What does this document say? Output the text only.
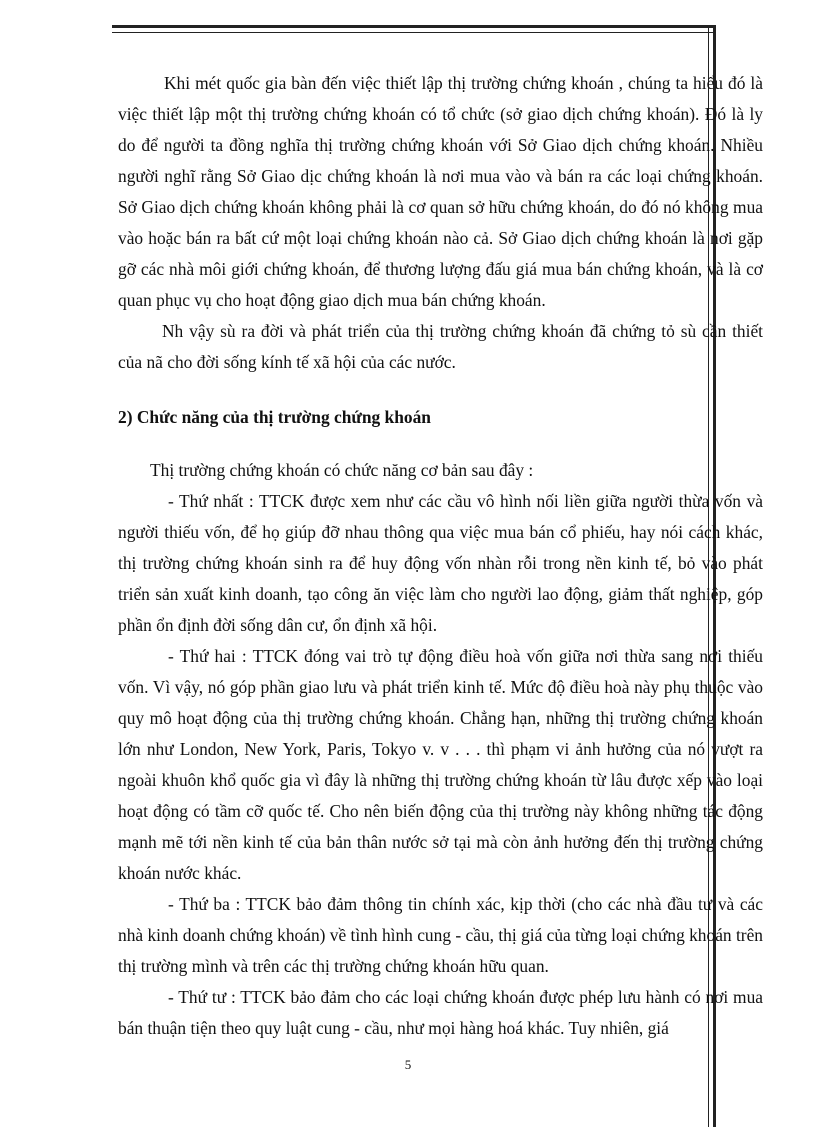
Khi mét quốc gia bàn đến việc thiết lập thị trường chứng khoán , chúng ta hiểu đó là việc thiết lập một thị trường chứng khoán có tổ chức (sở giao dịch chứng khoán). Đó là ly do để người ta đồng nghĩa thị trường chứng khoán với Sở Giao dịch chứng khoán. Nhiều người nghĩ rằng Sở Giao dịc chứng khoán là nơi mua vào và bán ra các loại chứng khoán. Sở Giao dịch chứng khoán không phải là cơ quan sở hữu chứng khoán, do đó nó không mua vào hoặc bán ra bất cứ một loại chứng khoán nào cả. Sở Giao dịch chứng khoán là nơi gặp gỡ các nhà môi giới chứng khoán, để thương lượng đấu giá mua bán chứng khoán, và là cơ quan phục vụ cho hoạt động giao dịch mua bán chứng khoán.

Nh vậy sù ra đời và phát triển của thị trường chứng khoán đã chứng tỏ sù cần thiết của nã cho đời sống kính tế xã hội của các nước.

2) Chức năng của thị trường chứng khoán

Thị trường chứng khoán có chức năng cơ bản sau đây :

- Thứ nhất : TTCK được xem như các cầu vô hình nối liền giữa người thừa vốn và người thiếu vốn, để họ giúp đỡ nhau thông qua việc mua bán cổ phiếu, hay nói cách khác, thị trường chứng khoán sinh ra để huy động vốn nhàn rỗi trong nền kinh tế, bỏ vào phát triển sản xuất kinh doanh, tạo công ăn việc làm cho người lao động, giảm thất nghiệp, góp phần ổn định đời sống dân cư, ổn định xã hội.

- Thứ hai : TTCK đóng vai trò tự động điều hoà vốn giữa nơi thừa sang nơi thiếu vốn. Vì vậy, nó góp phần giao lưu và phát triển kinh tế. Mức độ điều hoà này phụ thuộc vào quy mô hoạt động của thị trường chứng khoán. Chẳng hạn, những thị trường chứng khoán lớn như London, New York, Paris, Tokyo v. v . . . thì phạm vi ảnh hưởng của nó vượt ra ngoài khuôn khổ quốc gia vì đây là những thị trường chứng khoán từ lâu được xếp vào loại hoạt động có tầm cỡ quốc tế. Cho nên biến động của thị trường này không những tác động mạnh mẽ tới nền kinh tế của bản thân nước sở tại mà còn ảnh hưởng đến thị trường chứng khoán nước khác.

- Thứ ba : TTCK bảo đảm thông tin chính xác, kịp thời (cho các nhà đầu tư và các nhà kinh doanh chứng khoán) về tình hình cung - cầu, thị giá của từng loại chứng khoán trên thị trường mình và trên các thị trường chứng khoán hữu quan.

- Thứ tư : TTCK bảo đảm cho các loại chứng khoán được phép lưu hành có nơi mua bán thuận tiện theo quy luật cung - cầu, như mọi hàng hoá khác. Tuy nhiên, giá

5
